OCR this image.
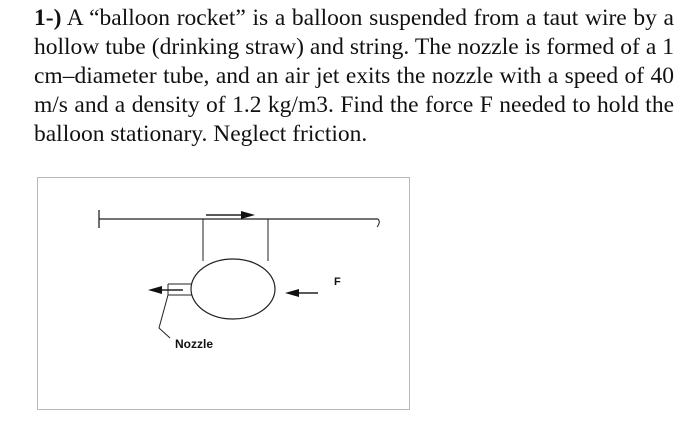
1-) A “balloon rocket” is a balloon suspended from a taut wire by a hollow tube (drinking straw) and string. The nozzle is formed of a 1 cm–diameter tube, and an air jet exits the nozzle with a speed of 40 m/s and a density of 1.2 kg/m3. Find the force F needed to hold the balloon stationary. Neglect friction.
F
Nozzle
